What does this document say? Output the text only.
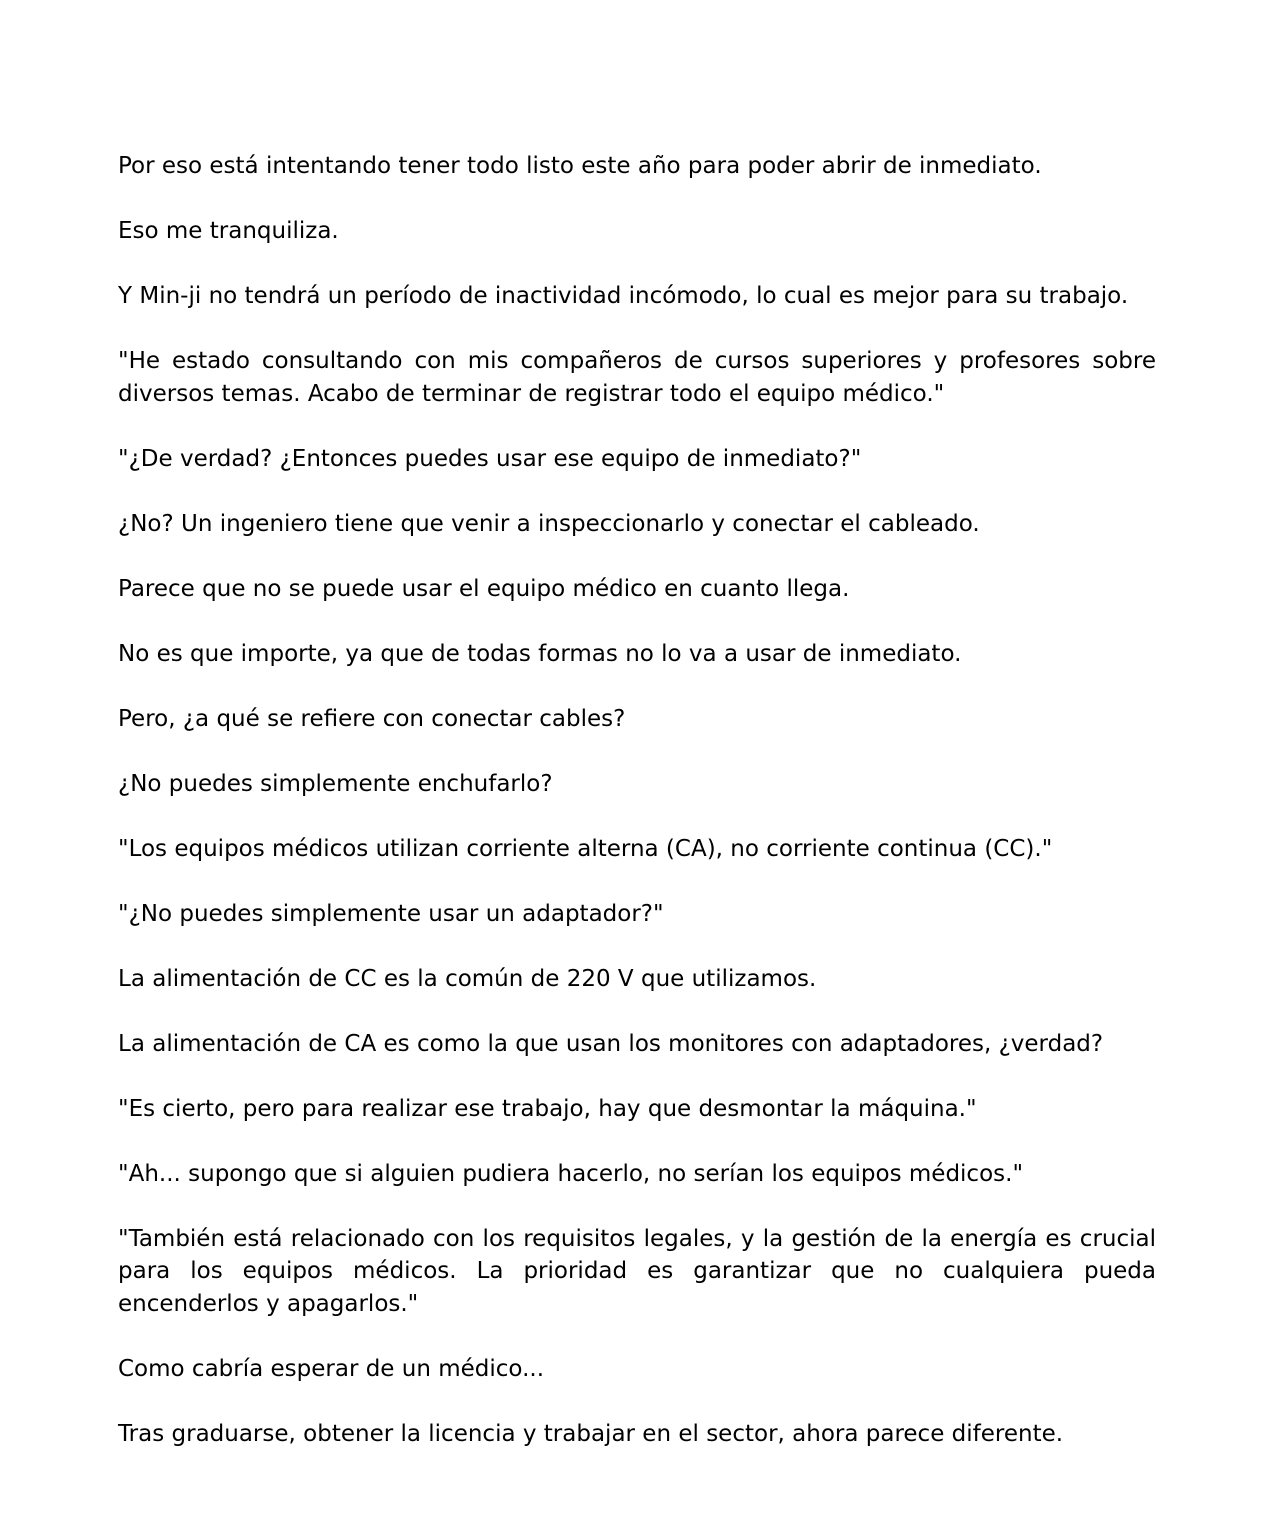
Por eso está intentando tener todo listo este año para poder abrir de inmediato.

Eso me tranquiliza.

Y Min-ji no tendrá un período de inactividad incómodo, lo cual es mejor para su trabajo.

"He estado consultando con mis compañeros de cursos superiores y profesores sobre diversos temas. Acabo de terminar de registrar todo el equipo médico."

"¿De verdad? ¿Entonces puedes usar ese equipo de inmediato?"

¿No? Un ingeniero tiene que venir a inspeccionarlo y conectar el cableado.

Parece que no se puede usar el equipo médico en cuanto llega.

No es que importe, ya que de todas formas no lo va a usar de inmediato.

Pero, ¿a qué se refiere con conectar cables?

¿No puedes simplemente enchufarlo?

"Los equipos médicos utilizan corriente alterna (CA), no corriente continua (CC)."

"¿No puedes simplemente usar un adaptador?"

La alimentación de CC es la común de 220 V que utilizamos.

La alimentación de CA es como la que usan los monitores con adaptadores, ¿verdad?

"Es cierto, pero para realizar ese trabajo, hay que desmontar la máquina."

"Ah... supongo que si alguien pudiera hacerlo, no serían los equipos médicos."

"También está relacionado con los requisitos legales, y la gestión de la energía es crucial para los equipos médicos. La prioridad es garantizar que no cualquiera pueda encenderlos y apagarlos."

Como cabría esperar de un médico...

Tras graduarse, obtener la licencia y trabajar en el sector, ahora parece diferente.
